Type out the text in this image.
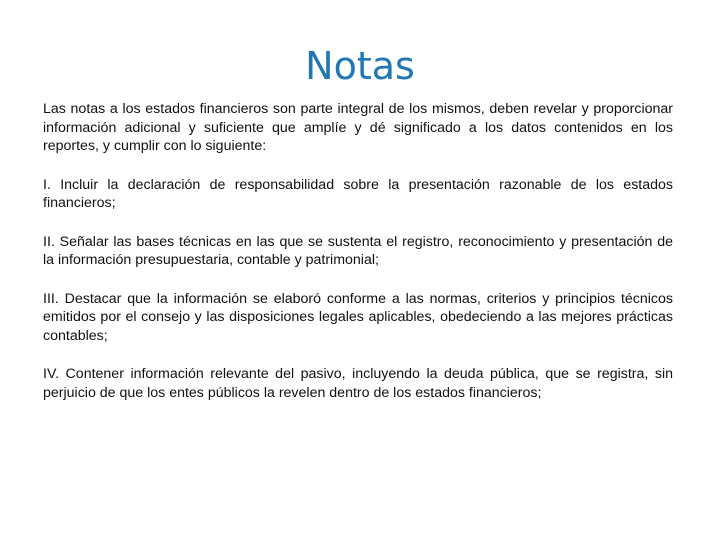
Notas

Las notas a los estados financieros son parte integral de los mismos, deben revelar y proporcionar información adicional y suficiente que amplíe y dé significado a los datos contenidos en los reportes, y cumplir con lo siguiente:

I. Incluir la declaración de responsabilidad sobre la presentación razonable de los estados financieros;

II. Señalar las bases técnicas en las que se sustenta el registro, reconocimiento y presentación de la información presupuestaria, contable y patrimonial;

III. Destacar que la información se elaboró conforme a las normas, criterios y principios técnicos emitidos por el consejo y las disposiciones legales aplicables, obedeciendo a las mejores prácticas contables;

IV. Contener información relevante del pasivo, incluyendo la deuda pública, que se registra, sin perjuicio de que los entes públicos la revelen dentro de los estados financieros;
